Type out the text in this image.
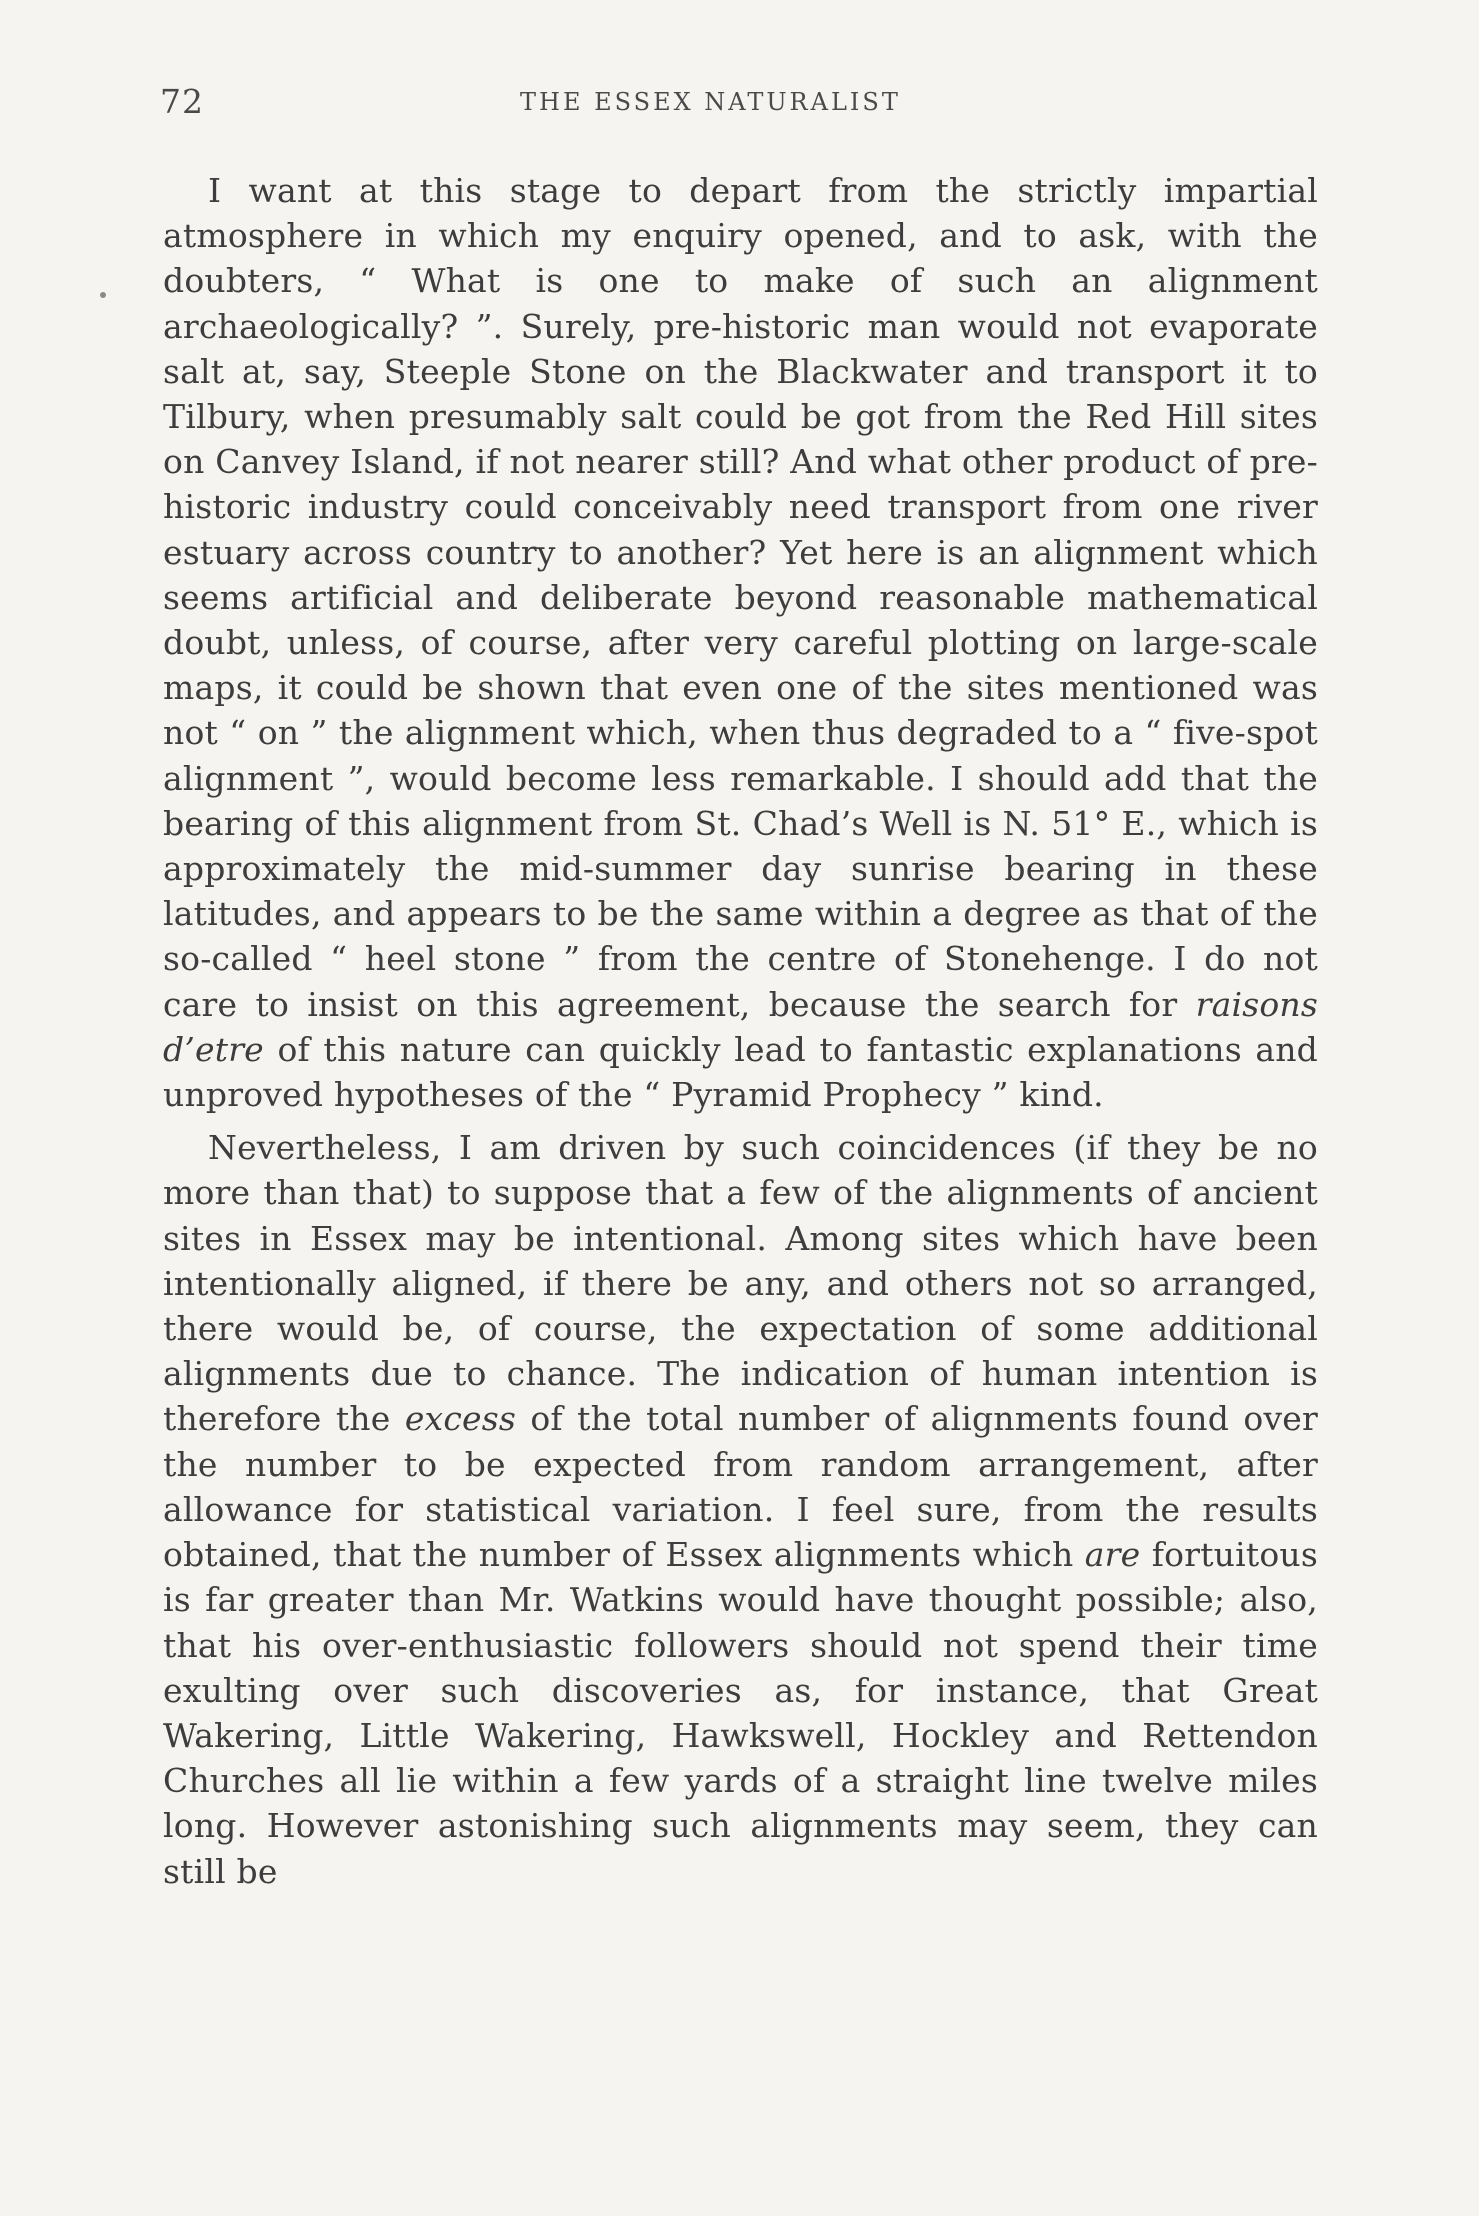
72	THE ESSEX NATURALIST

I want at this stage to depart from the strictly impartial atmosphere in which my enquiry opened, and to ask, with the doubters, “ What is one to make of such an alignment archaeologically? ”. Surely, pre-historic man would not evaporate salt at, say, Steeple Stone on the Blackwater and transport it to Tilbury, when presumably salt could be got from the Red Hill sites on Canvey Island, if not nearer still? And what other product of pre-historic industry could conceivably need transport from one river estuary across country to another? Yet here is an alignment which seems artificial and deliberate beyond reasonable mathematical doubt, unless, of course, after very careful plotting on large-scale maps, it could be shown that even one of the sites mentioned was not “ on ” the alignment which, when thus degraded to a “ five-spot alignment ”, would become less remarkable. I should add that the bearing of this alignment from St. Chad’s Well is N. 51° E., which is approximately the mid-summer day sunrise bearing in these latitudes, and appears to be the same within a degree as that of the so-called “ heel stone ” from the centre of Stonehenge. I do not care to insist on this agreement, because the search for raisons d’etre of this nature can quickly lead to fantastic explanations and unproved hypotheses of the “ Pyramid Prophecy ” kind.

Nevertheless, I am driven by such coincidences (if they be no more than that) to suppose that a few of the alignments of ancient sites in Essex may be intentional. Among sites which have been intentionally aligned, if there be any, and others not so arranged, there would be, of course, the expectation of some additional alignments due to chance. The indication of human intention is therefore the excess of the total number of alignments found over the number to be expected from random arrangement, after allowance for statistical variation. I feel sure, from the results obtained, that the number of Essex alignments which are fortuitous is far greater than Mr. Watkins would have thought possible; also, that his over-enthusiastic followers should not spend their time exulting over such discoveries as, for instance, that Great Wakering, Little Wakering, Hawkswell, Hockley and Rettendon Churches all lie within a few yards of a straight line twelve miles long. However astonishing such alignments may seem, they can still be
